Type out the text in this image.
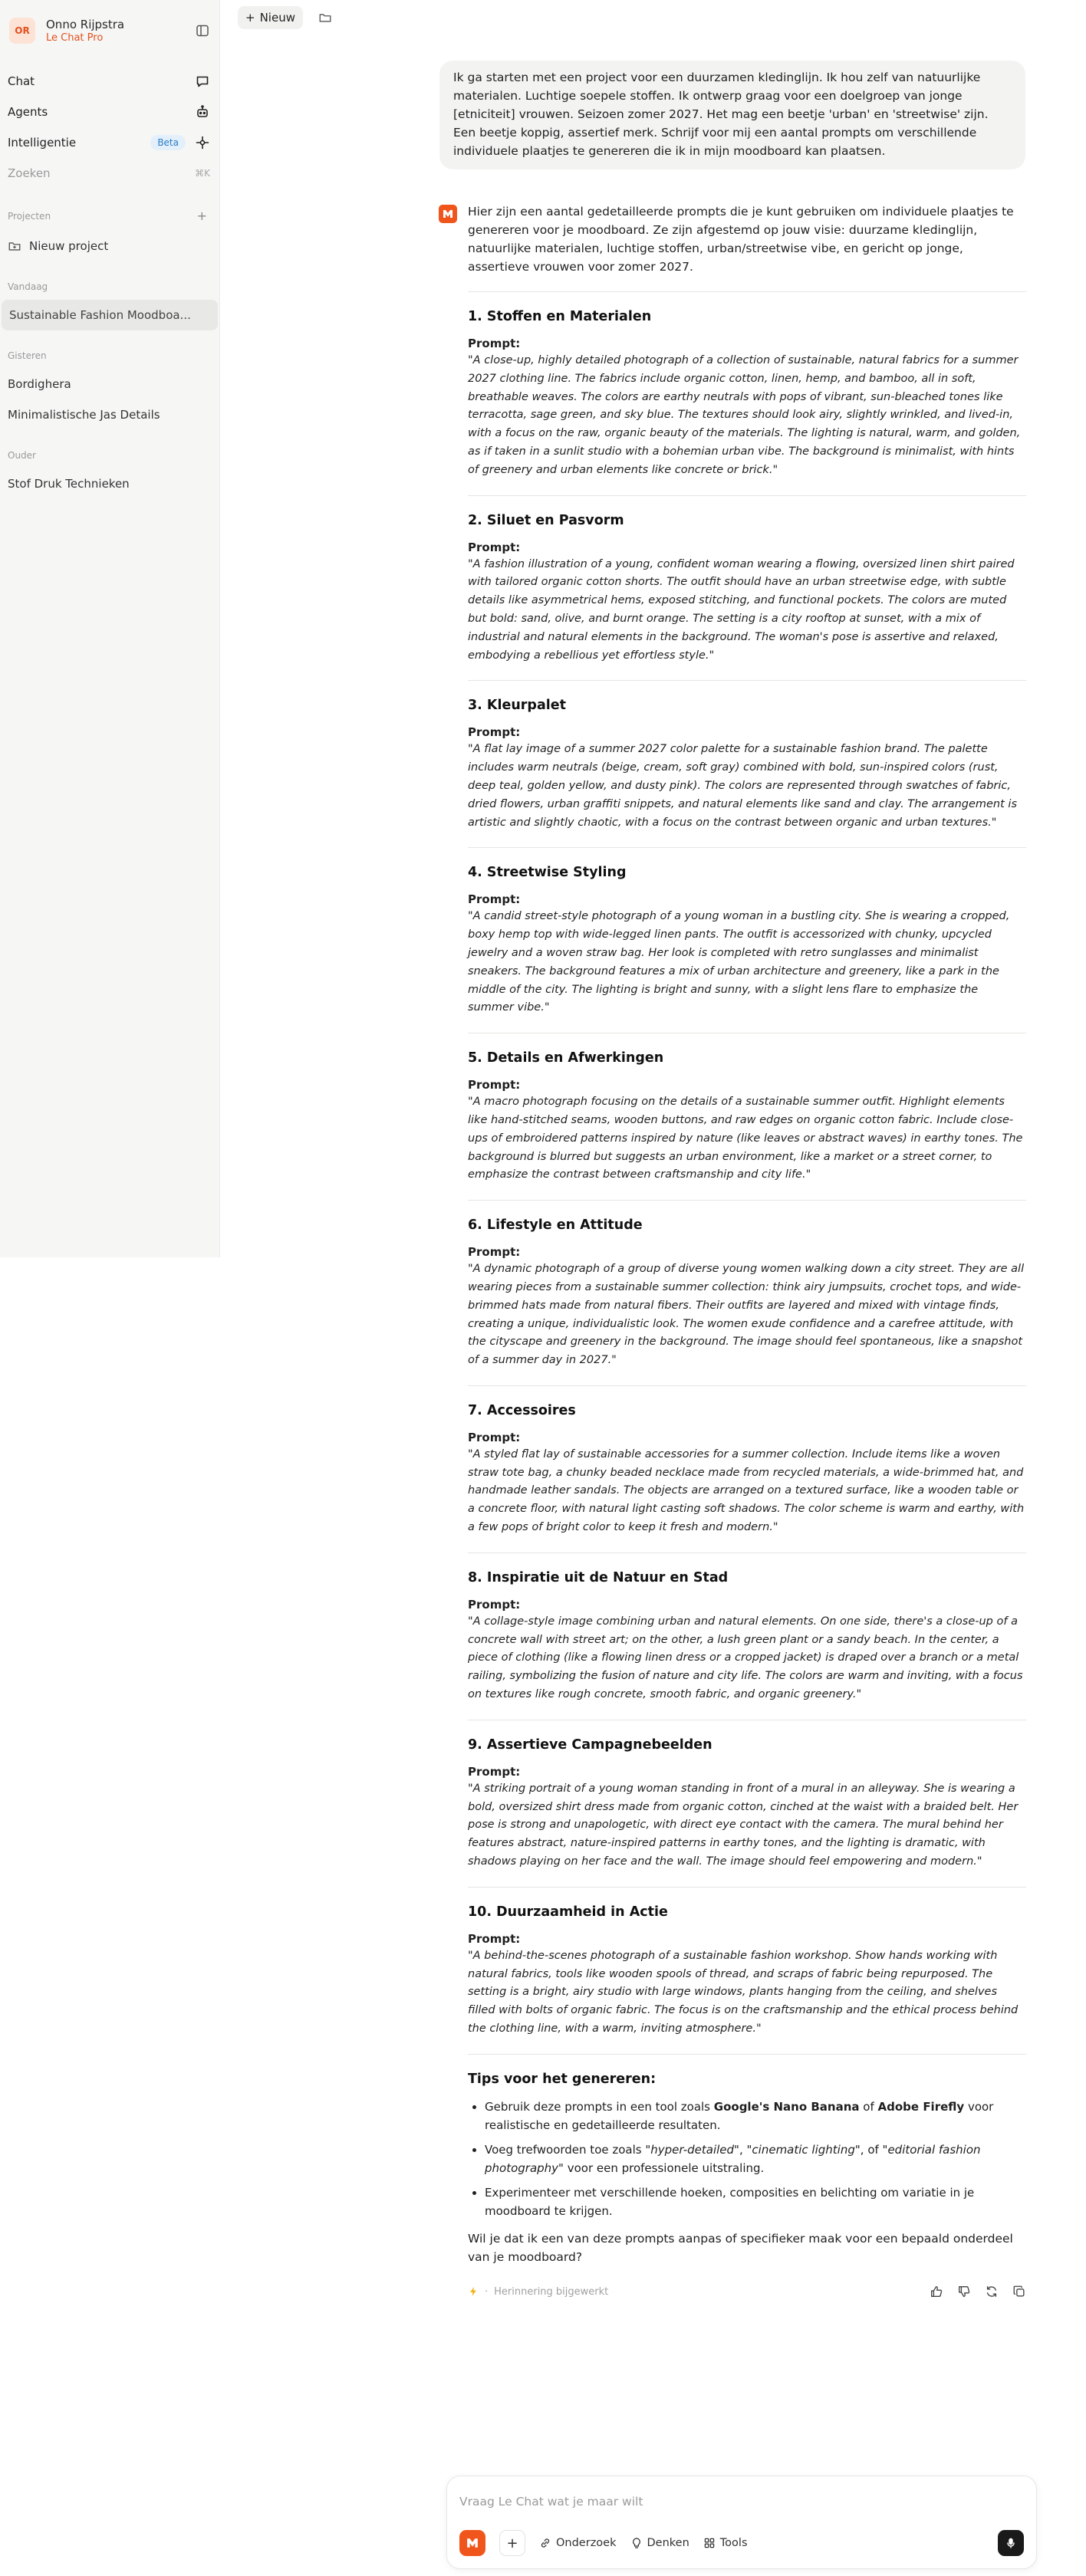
OR	Onno Rijpstra
Le Chat Pro
Chat
Agents
Intelligentie	Beta
Zoeken	⌘K
Projecten	+
Nieuw project
Vandaag
Sustainable Fashion Moodboa...
Gisteren
Bordighera
Minimalistische Jas Details
Ouder
Stof Druk Technieken
+ Nieuw
Ik ga starten met een project voor een duurzamen kledinglijn. Ik hou zelf van natuurlijke materialen. Luchtige soepele stoffen. Ik ontwerp graag voor een doelgroep van jonge [etniciteit] vrouwen. Seizoen zomer 2027. Het mag een beetje 'urban' en 'streetwise' zijn. Een beetje koppig, assertief merk. Schrijf voor mij een aantal prompts om verschillende individuele plaatjes te genereren die ik in mijn moodboard kan plaatsen.

Hier zijn een aantal gedetailleerde prompts die je kunt gebruiken om individuele plaatjes te genereren voor je moodboard. Ze zijn afgestemd op jouw visie: duurzame kledinglijn, natuurlijke materialen, luchtige stoffen, urban/streetwise vibe, en gericht op jonge, assertieve vrouwen voor zomer 2027.

1. Stoffen en Materialen
Prompt:

"A close-up, highly detailed photograph of a collection of sustainable, natural fabrics for a summer 2027 clothing line. The fabrics include organic cotton, linen, hemp, and bamboo, all in soft, breathable weaves. The colors are earthy neutrals with pops of vibrant, sun-bleached tones like terracotta, sage green, and sky blue. The textures should look airy, slightly wrinkled, and lived-in, with a focus on the raw, organic beauty of the materials. The lighting is natural, warm, and golden, as if taken in a sunlit studio with a bohemian urban vibe. The background is minimalist, with hints of greenery and urban elements like concrete or brick."

2. Siluet en Pasvorm
Prompt:

"A fashion illustration of a young, confident woman wearing a flowing, oversized linen shirt paired with tailored organic cotton shorts. The outfit should have an urban streetwise edge, with subtle details like asymmetrical hems, exposed stitching, and functional pockets. The colors are muted but bold: sand, olive, and burnt orange. The setting is a city rooftop at sunset, with a mix of industrial and natural elements in the background. The woman's pose is assertive and relaxed, embodying a rebellious yet effortless style."

3. Kleurpalet
Prompt:

"A flat lay image of a summer 2027 color palette for a sustainable fashion brand. The palette includes warm neutrals (beige, cream, soft gray) combined with bold, sun-inspired colors (rust, deep teal, golden yellow, and dusty pink). The colors are represented through swatches of fabric, dried flowers, urban graffiti snippets, and natural elements like sand and clay. The arrangement is artistic and slightly chaotic, with a focus on the contrast between organic and urban textures."

4. Streetwise Styling
Prompt:

"A candid street-style photograph of a young woman in a bustling city. She is wearing a cropped, boxy hemp top with wide-legged linen pants. The outfit is accessorized with chunky, upcycled jewelry and a woven straw bag. Her look is completed with retro sunglasses and minimalist sneakers. The background features a mix of urban architecture and greenery, like a park in the middle of the city. The lighting is bright and sunny, with a slight lens flare to emphasize the summer vibe."

5. Details en Afwerkingen
Prompt:

"A macro photograph focusing on the details of a sustainable summer outfit. Highlight elements like hand-stitched seams, wooden buttons, and raw edges on organic cotton fabric. Include close-ups of embroidered patterns inspired by nature (like leaves or abstract waves) in earthy tones. The background is blurred but suggests an urban environment, like a market or a street corner, to emphasize the contrast between craftsmanship and city life."

6. Lifestyle en Attitude
Prompt:

"A dynamic photograph of a group of diverse young women walking down a city street. They are all wearing pieces from a sustainable summer collection: think airy jumpsuits, crochet tops, and wide-brimmed hats made from natural fibers. Their outfits are layered and mixed with vintage finds, creating a unique, individualistic look. The women exude confidence and a carefree attitude, with the cityscape and greenery in the background. The image should feel spontaneous, like a snapshot of a summer day in 2027."

7. Accessoires
Prompt:

"A styled flat lay of sustainable accessories for a summer collection. Include items like a woven straw tote bag, a chunky beaded necklace made from recycled materials, a wide-brimmed hat, and handmade leather sandals. The objects are arranged on a textured surface, like a wooden table or a concrete floor, with natural light casting soft shadows. The color scheme is warm and earthy, with a few pops of bright color to keep it fresh and modern."

8. Inspiratie uit de Natuur en Stad
Prompt:

"A collage-style image combining urban and natural elements. On one side, there's a close-up of a concrete wall with street art; on the other, a lush green plant or a sandy beach. In the center, a piece of clothing (like a flowing linen dress or a cropped jacket) is draped over a branch or a metal railing, symbolizing the fusion of nature and city life. The colors are warm and inviting, with a focus on textures like rough concrete, smooth fabric, and organic greenery."

9. Assertieve Campagnebeelden
Prompt:

"A striking portrait of a young woman standing in front of a mural in an alleyway. She is wearing a bold, oversized shirt dress made from organic cotton, cinched at the waist with a braided belt. Her pose is strong and unapologetic, with direct eye contact with the camera. The mural behind her features abstract, nature-inspired patterns in earthy tones, and the lighting is dramatic, with shadows playing on her face and the wall. The image should feel empowering and modern."

10. Duurzaamheid in Actie
Prompt:

"A behind-the-scenes photograph of a sustainable fashion workshop. Show hands working with natural fabrics, tools like wooden spools of thread, and scraps of fabric being repurposed. The setting is a bright, airy studio with large windows, plants hanging from the ceiling, and shelves filled with bolts of organic fabric. The focus is on the craftsmanship and the ethical process behind the clothing line, with a warm, inviting atmosphere."

Tips voor het genereren:
Gebruik deze prompts in een tool zoals Google's Nano Banana of Adobe Firefly voor realistische en gedetailleerde resultaten.
Voeg trefwoorden toe zoals "hyper-detailed", "cinematic lighting", of "editorial fashion photography" voor een professionele uitstraling.
Experimenteer met verschillende hoeken, composities en belichting om variatie in je moodboard te krijgen.

Wil je dat ik een van deze prompts aanpas of specifieker maak voor een bepaald onderdeel van je moodboard?

· Herinnering bijgewerkt
Vraag Le Chat wat je maar wilt
+	Onderzoek	Denken	Tools
